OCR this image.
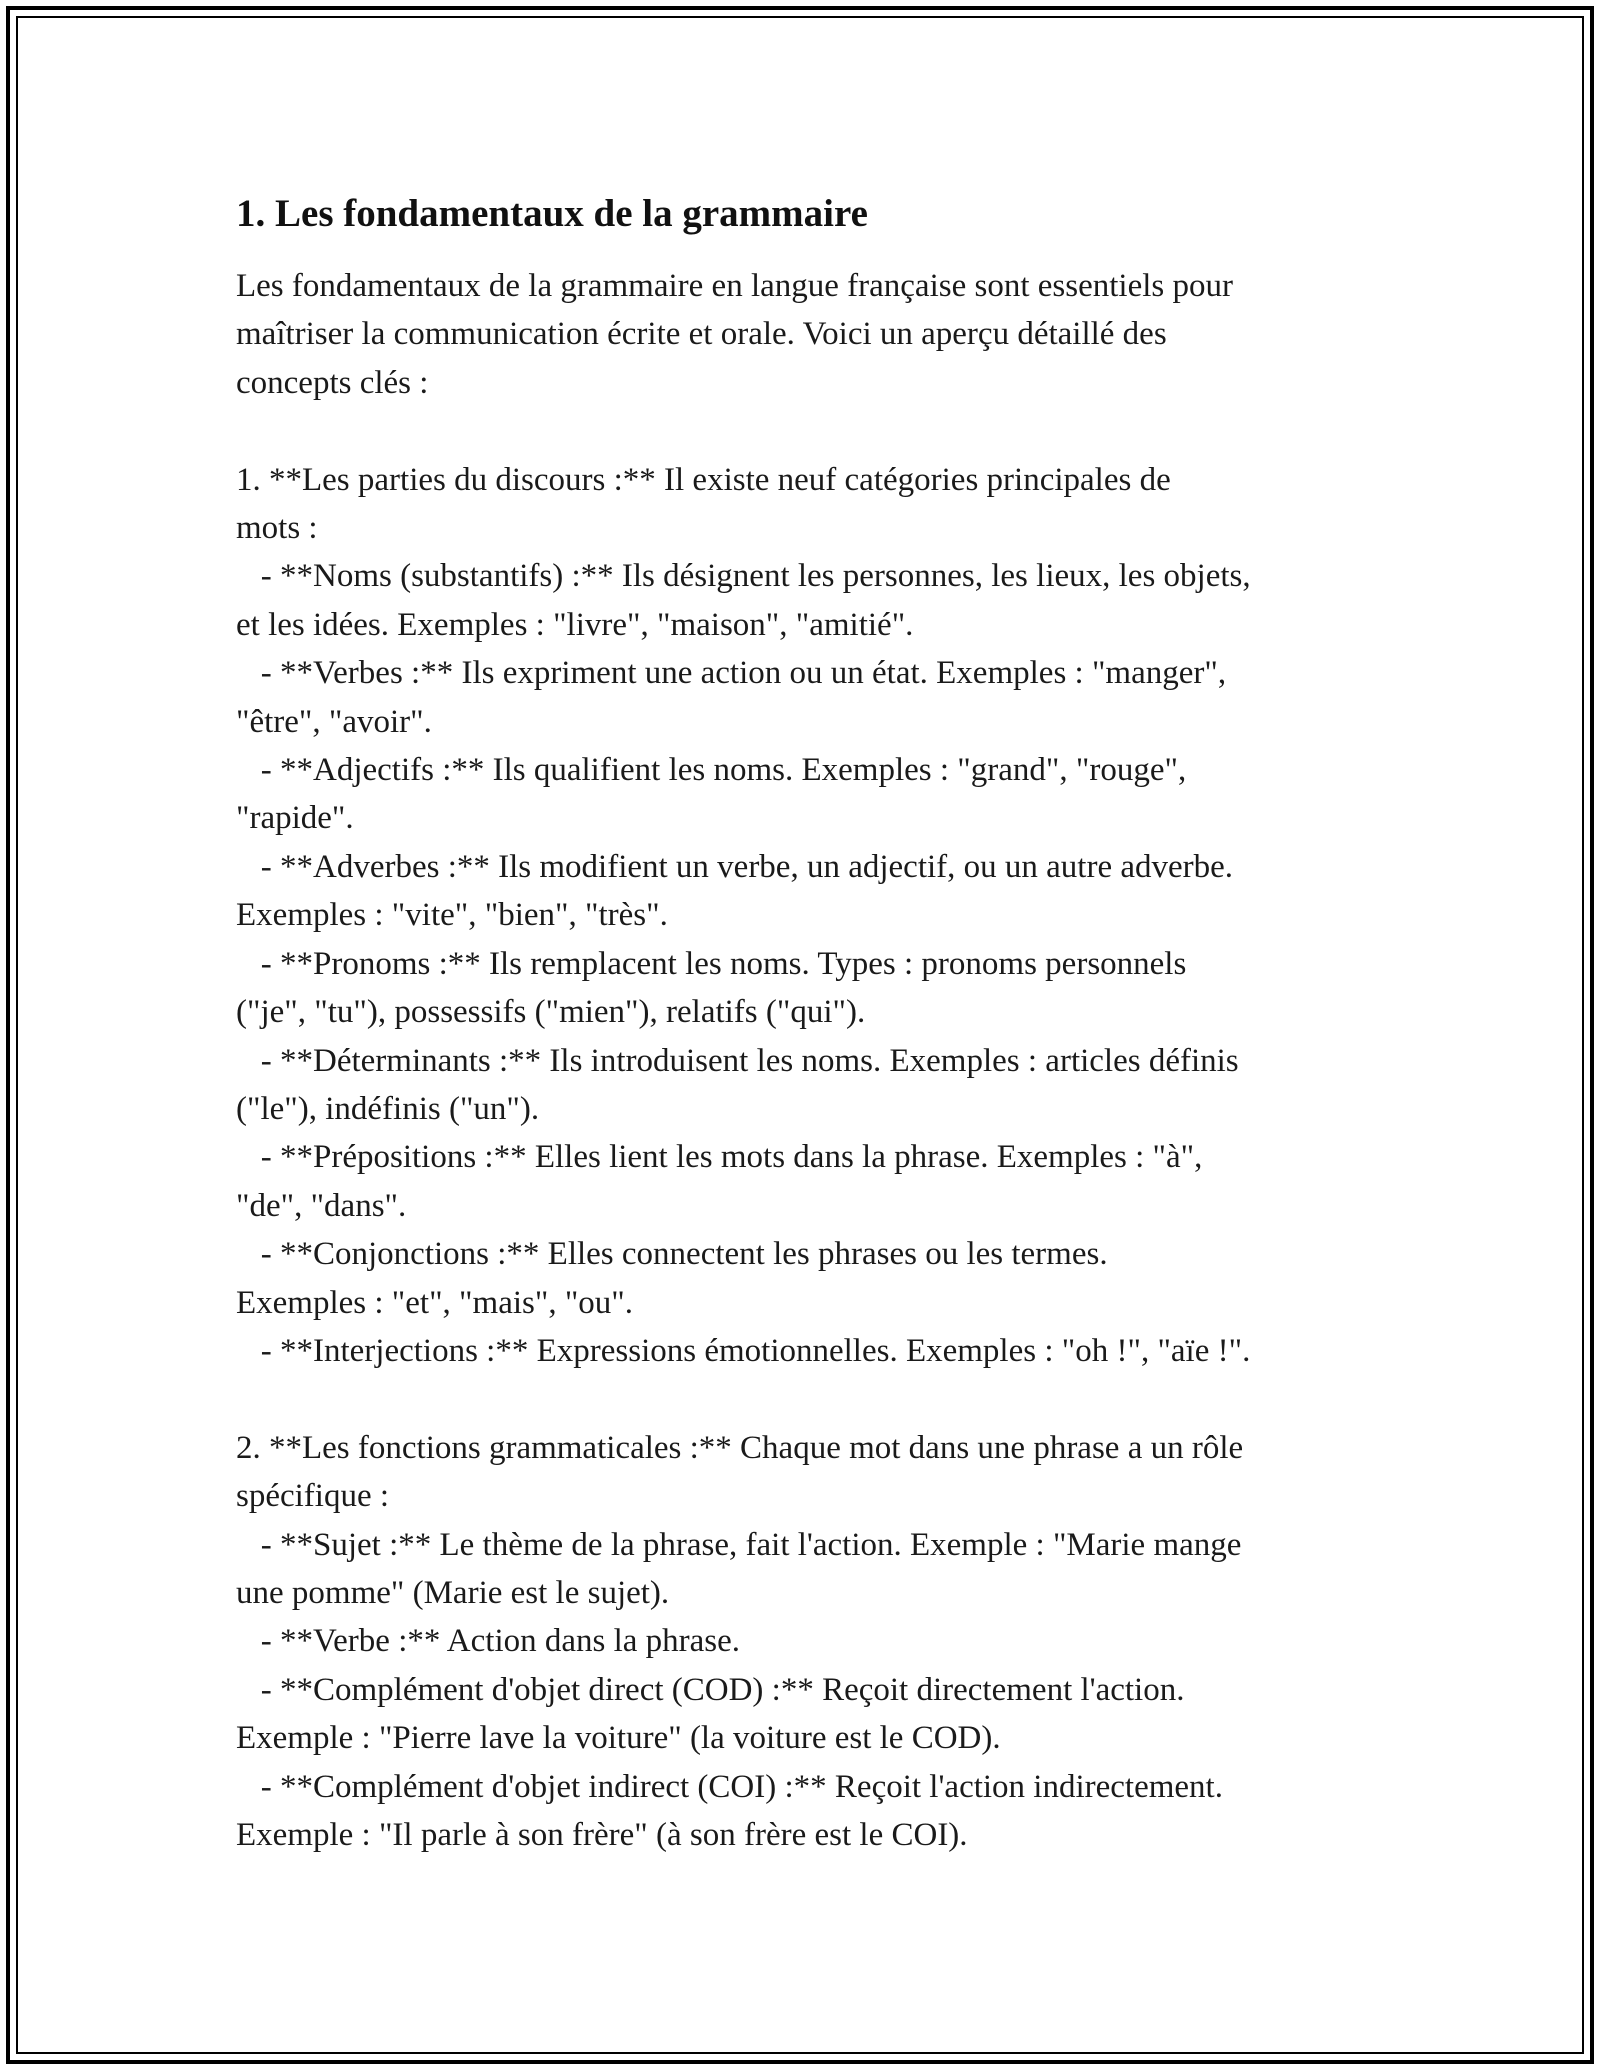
1. Les fondamentaux de la grammaire
Les fondamentaux de la grammaire en langue française sont essentiels pour
maîtriser la communication écrite et orale. Voici un aperçu détaillé des
concepts clés :

1. **Les parties du discours :** Il existe neuf catégories principales de
mots :
- **Noms (substantifs) :** Ils désignent les personnes, les lieux, les objets,
et les idées. Exemples : "livre", "maison", "amitié".
- **Verbes :** Ils expriment une action ou un état. Exemples : "manger",
"être", "avoir".
- **Adjectifs :** Ils qualifient les noms. Exemples : "grand", "rouge",
"rapide".
- **Adverbes :** Ils modifient un verbe, un adjectif, ou un autre adverbe.
Exemples : "vite", "bien", "très".
- **Pronoms :** Ils remplacent les noms. Types : pronoms personnels
("je", "tu"), possessifs ("mien"), relatifs ("qui").
- **Déterminants :** Ils introduisent les noms. Exemples : articles définis
("le"), indéfinis ("un").
- **Prépositions :** Elles lient les mots dans la phrase. Exemples : "à",
"de", "dans".
- **Conjonctions :** Elles connectent les phrases ou les termes.
Exemples : "et", "mais", "ou".
- **Interjections :** Expressions émotionnelles. Exemples : "oh !", "aïe !".

2. **Les fonctions grammaticales :** Chaque mot dans une phrase a un rôle
spécifique :
- **Sujet :** Le thème de la phrase, fait l'action. Exemple : "Marie mange
une pomme" (Marie est le sujet).
- **Verbe :** Action dans la phrase.
- **Complément d'objet direct (COD) :** Reçoit directement l'action.
Exemple : "Pierre lave la voiture" (la voiture est le COD).
- **Complément d'objet indirect (COI) :** Reçoit l'action indirectement.
Exemple : "Il parle à son frère" (à son frère est le COI).
